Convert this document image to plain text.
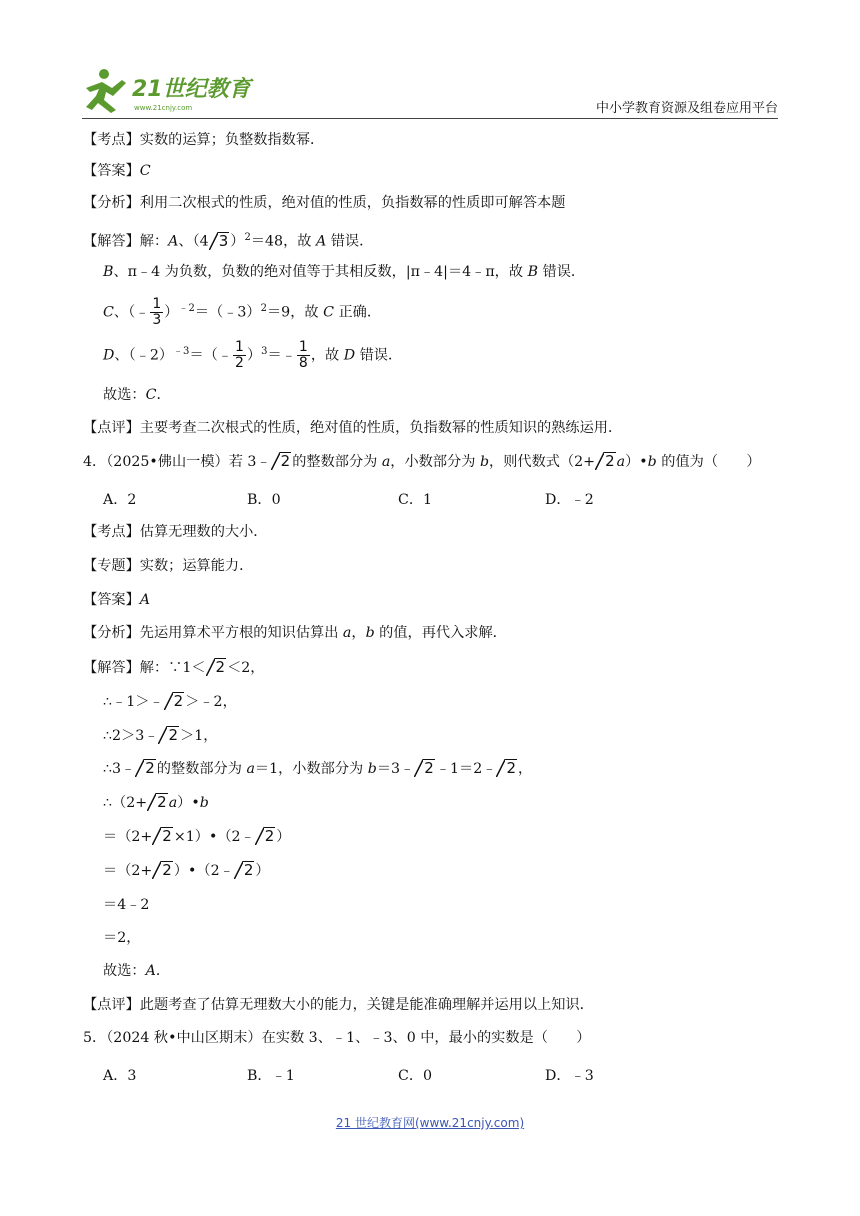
21世纪教育
www.21cnjy.com	中小学教育资源及组卷应用平台
【考点】实数的运算；负整数指数幂．
【答案】C
【分析】利用二次根式的性质，绝对值的性质，负指数幂的性质即可解答本题
【解答】解：A、（4 3 ）$^2$＝48，故 A 错误．
B、π﹣4 为负数，负数的绝对值等于其相反数，|π﹣4|＝4﹣π，故 B 错误．
C、（﹣ $\frac{1}{3}$ ）$^{﹣2}$＝（﹣3）$^2$＝9，故 C 正确．
D、（﹣2）$^{﹣3}$＝（﹣ $\frac{1}{2}$ ）$^3$＝﹣ $\frac{1}{8}$ ，故 D 错误．
故选：C．
【点评】主要考查二次根式的性质，绝对值的性质，负指数幂的性质知识的熟练运用．
4．（2025•佛山一模）若 3﹣ 2 的整数部分为 a，小数部分为 b，则代数式（2+ 2 a）•b 的值为（　　）
A．2	B．0	C．1	D．﹣2
【考点】估算无理数的大小．
【专题】实数；运算能力．
【答案】A
【分析】先运用算术平方根的知识估算出 a，b 的值，再代入求解．
【解答】解：∵1＜ 2 ＜2，
∴﹣1＞﹣ 2 ＞﹣2，
∴2＞3﹣ 2 ＞1，
∴3﹣ 2 的整数部分为 a＝1，小数部分为 b＝3﹣ 2 ﹣1＝2﹣ 2 ，
∴（2+ 2 a）•b
＝（2+ 2 ×1）•（2﹣ 2 ）
＝（2+ 2 ）•（2﹣ 2 ）
＝4﹣2
＝2，
故选：A．
【点评】此题考查了估算无理数大小的能力，关键是能准确理解并运用以上知识．
5．（2024 秋•中山区期末）在实数 3、﹣1、﹣3、0 中，最小的实数是（　　）
A．3	B．﹣1	C．0	D．﹣3
21 世纪教育网(www.21cnjy.com)
